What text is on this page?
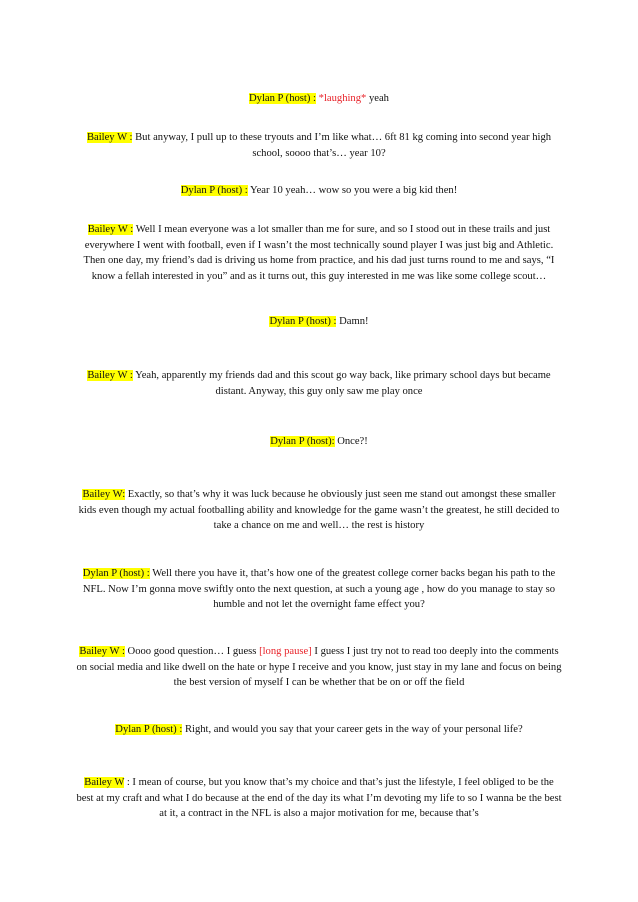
Dylan P (host) : *laughing* yeah

Bailey W : But anyway, I pull up to these tryouts and I’m like what… 6ft 81 kg coming into second year high school, soooo that’s… year 10?

Dylan P (host) : Year 10 yeah… wow so you were a big kid then!

Bailey W : Well I mean everyone was a lot smaller than me for sure, and so I stood out in these trails and just everywhere I went with football, even if I wasn’t the most technically sound player I was just big and Athletic. Then one day, my friend’s dad is driving us home from practice, and his dad just turns round to me and says, “I know a fellah interested in you” and as it turns out, this guy interested in me was like some college scout…

Dylan P (host) : Damn!

Bailey W : Yeah, apparently my friends dad and this scout go way back, like primary school days but became distant. Anyway, this guy only saw me play once

Dylan P (host): Once?!

Bailey W: Exactly, so that’s why it was luck because he obviously just seen me stand out amongst these smaller kids even though my actual footballing ability and knowledge for the game wasn’t the greatest, he still decided to take a chance on me and well… the rest is history

Dylan P (host) : Well there you have it, that’s how one of the greatest college corner backs began his path to the NFL. Now I’m gonna move swiftly onto the next question, at such a young age , how do you manage to stay so humble and not let the overnight fame effect you?

Bailey W : Oooo good question… I guess [long pause] I guess I just try not to read too deeply into the comments on social media and like dwell on the hate or hype I receive and you know, just stay in my lane and focus on being the best version of myself I can be whether that be on or off the field

Dylan P (host) : Right, and would you say that your career gets in the way of your personal life?

Bailey W : I mean of course, but you know that’s my choice and that’s just the lifestyle, I feel obliged to be the best at my craft and what I do because at the end of the day its what I’m devoting my life to so I wanna be the best at it, a contract in the NFL is also a major motivation for me, because that’s
